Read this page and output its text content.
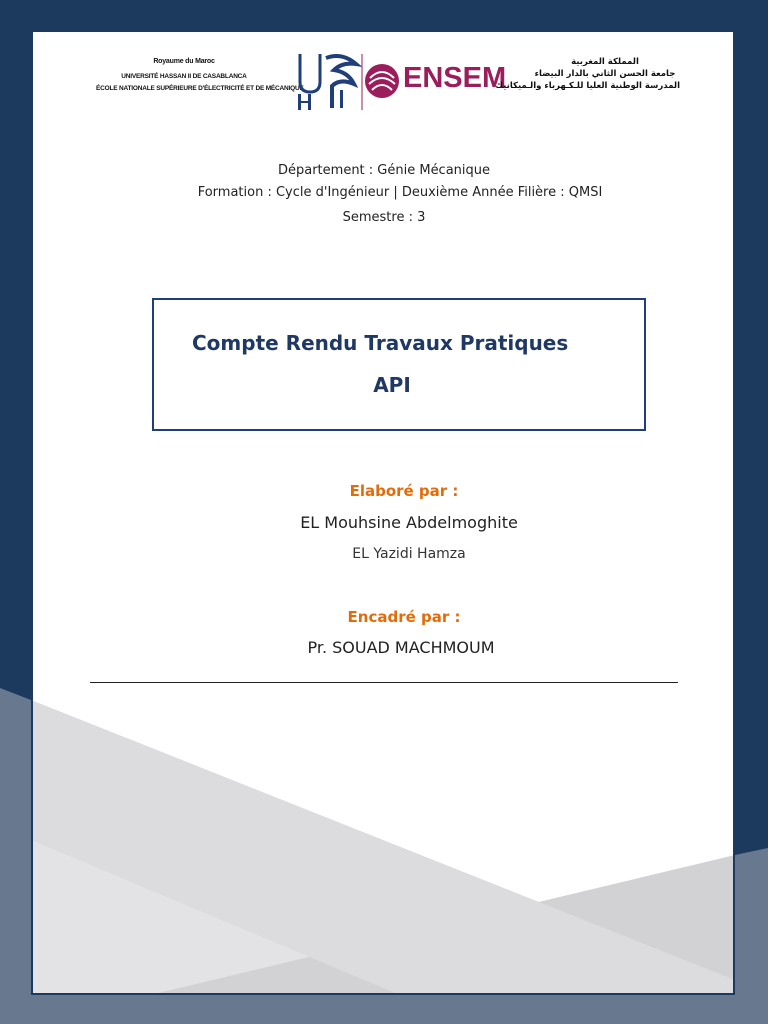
Royaume du Maroc
UNIVERSITÉ HASSAN II DE CASABLANCA
ÉCOLE NATIONALE SUPÉRIEURE D'ÉLECTRICITÉ ET DE MÉCANIQUE	ENSEM	المملكة المغربية
جامعة الحسن الثاني بالدار البيضاء
المدرسة الوطنية العليا للـكـهرباء والـميكانيك
Département : Génie Mécanique
Formation : Cycle d'Ingénieur | Deuxième Année Filière : QMSI
Semestre : 3
Compte Rendu Travaux Pratiques
API
Elaboré par :
EL Mouhsine Abdelmoghite
EL Yazidi Hamza
Encadré par :
Pr. SOUAD MACHMOUM
